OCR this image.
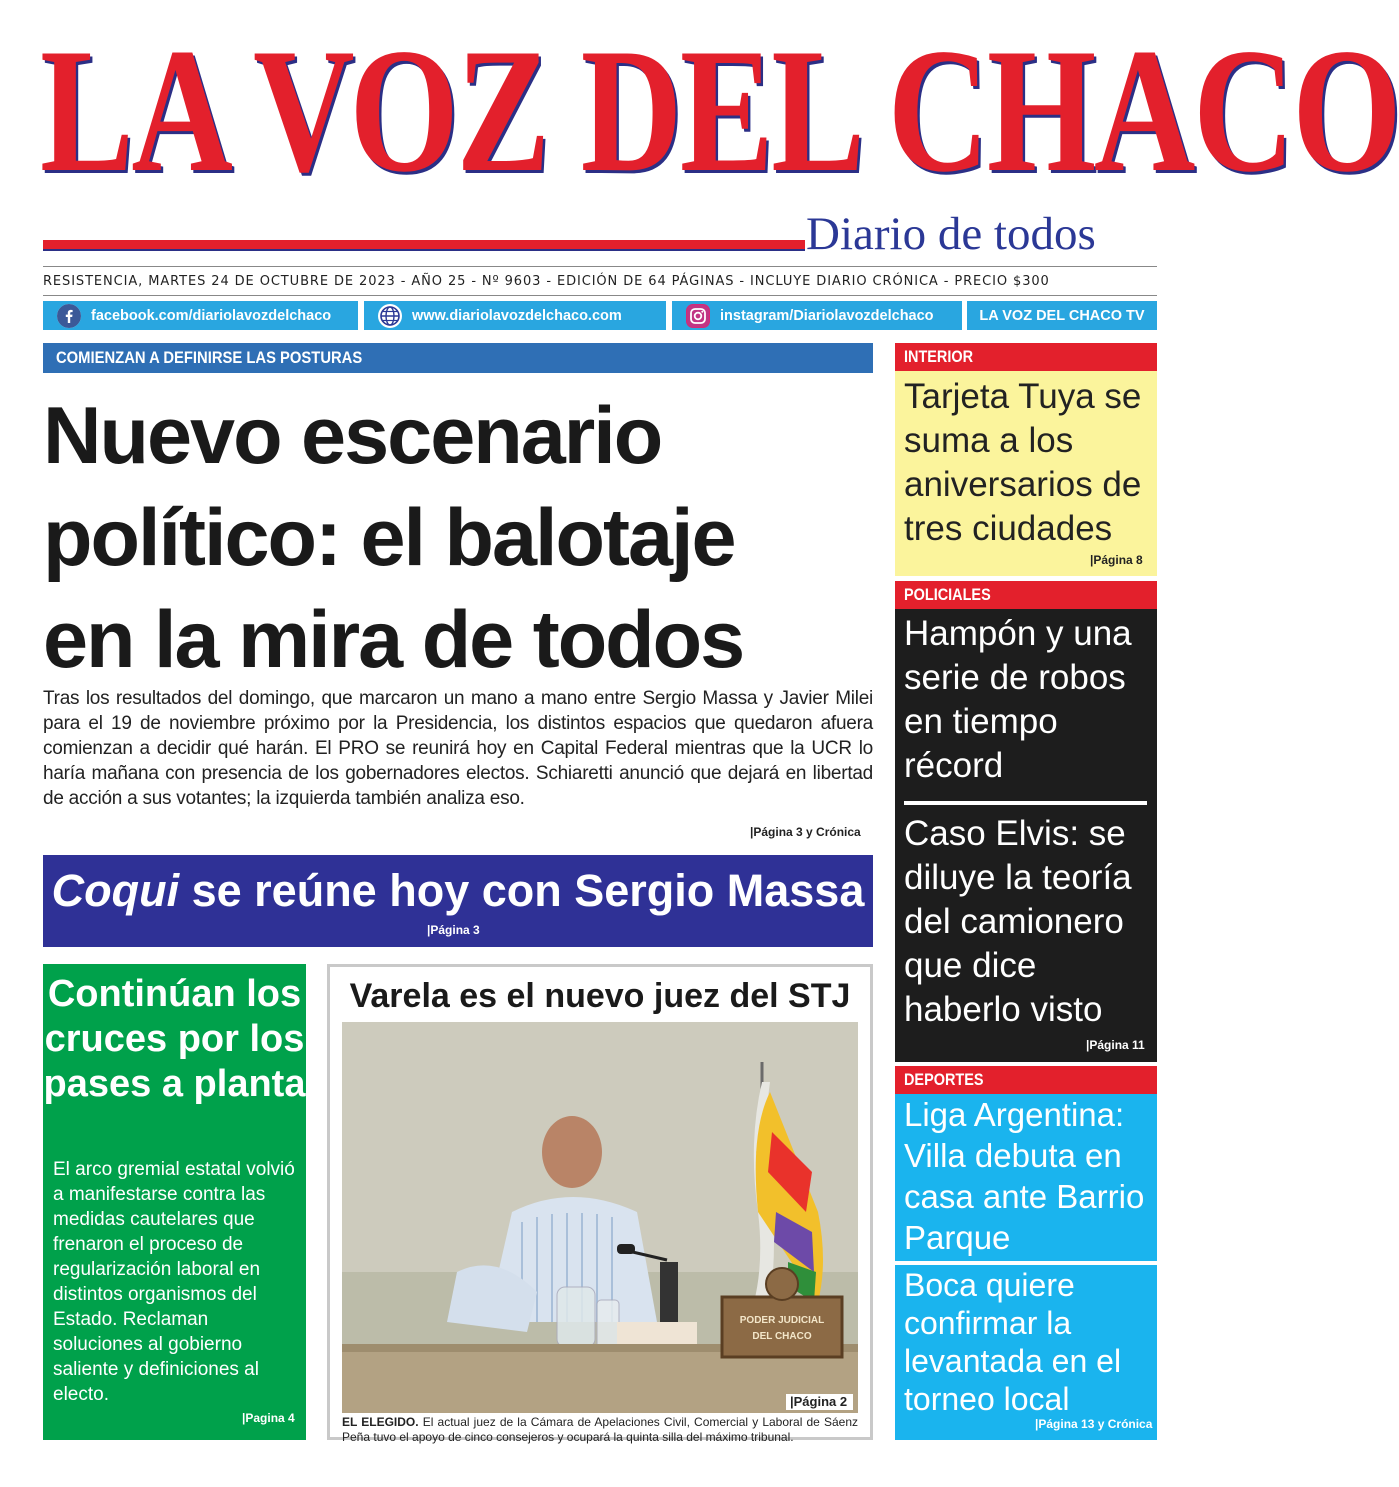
LA VOZ DEL CHACO
Diario de todos
RESISTENCIA, MARTES 24 DE OCTUBRE DE 2023 - AÑO 25 - Nº 9603 - EDICIÓN DE 64 PÁGINAS - INCLUYE DIARIO CRÓNICA - PRECIO $300
facebook.com/diariolavozdelchaco	www.diariolavozdelchaco.com	instagram/Diariolavozdelchaco	LA VOZ DEL CHACO TV
COMIENZAN A DEFINIRSE LAS POSTURAS
Nuevo escenario
político: el balotaje
en la mira de todos
Tras los resultados del domingo, que marcaron un mano a mano entre Sergio Massa y Javier Milei para el 19 de noviembre próximo por la Presidencia, los distintos espacios que quedaron afuera comienzan a decidir qué harán. El PRO se reunirá hoy en Capital Federal mientras que la UCR lo haría mañana con presencia de los gobernadores electos. Schiaretti anunció que dejará en libertad de acción a sus votantes; la izquierda también analiza eso.
|Página 3 y Crónica
Coqui se reúne hoy con Sergio Massa
|Página 3
Continúan los cruces por los pases a planta
El arco gremial estatal volvió a manifestarse contra las medidas cautelares que frenaron el proceso de regularización laboral en distintos organismos del Estado. Reclaman soluciones al gobierno saliente y definiciones al electo.
|Pagina 4
Varela es el nuevo juez del STJ
PODER JUDICIAL
DEL CHACO
|Página 2
EL ELEGIDO. El actual juez de la Cámara de Apelaciones Civil, Comercial y Laboral de Sáenz Peña tuvo el apoyo de cinco consejeros y ocupará la quinta silla del máximo tribunal.
INTERIOR
Tarjeta Tuya se suma a los aniversarios de tres ciudades
|Página 8
POLICIALES
Hampón y una serie de robos en tiempo récord
Caso Elvis: se diluye la teoría del camionero que dice haberlo visto
|Página 11
DEPORTES
Liga Argentina: Villa debuta en casa ante Barrio Parque
Boca quiere confirmar la levantada en el torneo local
|Página 13 y Crónica
